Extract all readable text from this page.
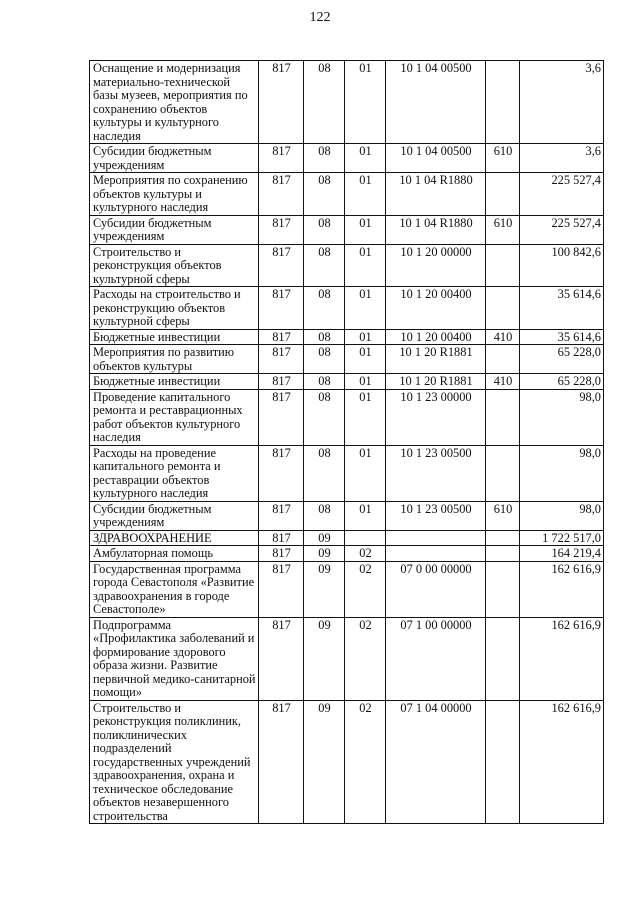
122
Оснащение и модернизация материально-технической базы музеев, мероприятия по сохранению объектов культуры и культурного наследия	817	08	01	10 1 04 00500		3,6
Субсидии бюджетным учреждениям	817	08	01	10 1 04 00500	610	3,6
Мероприятия по сохранению объектов культуры и культурного наследия	817	08	01	10 1 04 R1880		225 527,4
Субсидии бюджетным учреждениям	817	08	01	10 1 04 R1880	610	225 527,4
Строительство и реконструкция объектов культурной сферы	817	08	01	10 1 20 00000		100 842,6
Расходы на строительство и реконструкцию объектов культурной сферы	817	08	01	10 1 20 00400		35 614,6
Бюджетные инвестиции	817	08	01	10 1 20 00400	410	35 614,6
Мероприятия по развитию объектов культуры	817	08	01	10 1 20 R1881		65 228,0
Бюджетные инвестиции	817	08	01	10 1 20 R1881	410	65 228,0
Проведение капитального ремонта и реставрационных работ объектов культурного наследия	817	08	01	10 1 23 00000		98,0
Расходы на проведение капитального ремонта и реставрации объектов культурного наследия	817	08	01	10 1 23 00500		98,0
Субсидии бюджетным учреждениям	817	08	01	10 1 23 00500	610	98,0
ЗДРАВООХРАНЕНИЕ	817	09				1 722 517,0
Амбулаторная помощь	817	09	02			164 219,4
Государственная программа города Севастополя «Развитие здравоохранения в городе Севастополе»	817	09	02	07 0 00 00000		162 616,9
Подпрограмма «Профилактика заболеваний и формирование здорового образа жизни. Развитие первичной медико-санитарной помощи»	817	09	02	07 1 00 00000		162 616,9
Строительство и реконструкция поликлиник, поликлинических подразделений государственных учреждений здравоохранения, охрана и техническое обследование объектов незавершенного строительства	817	09	02	07 1 04 00000		162 616,9
